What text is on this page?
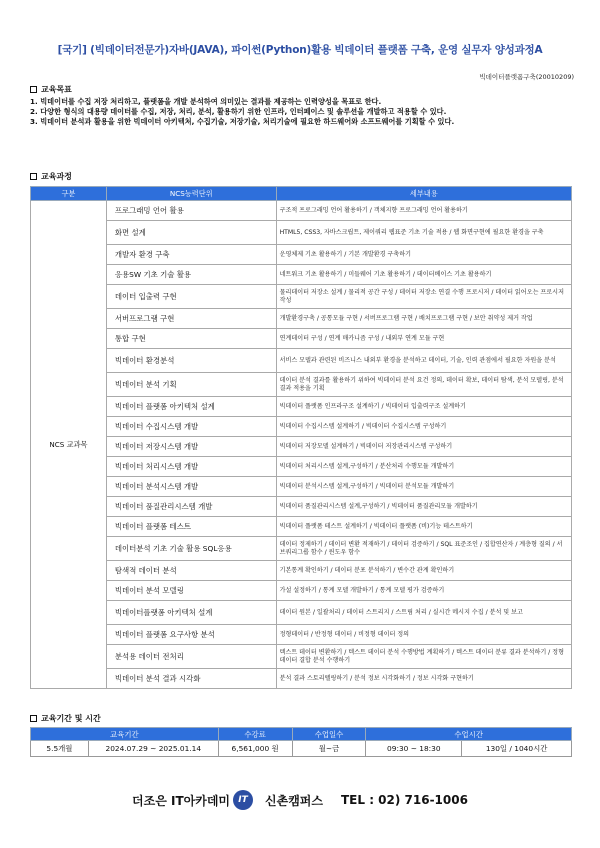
[국기] (빅데이터전문가)자바(JAVA), 파이썬(Python)활용 빅데이터 플랫폼 구축, 운영 실무자 양성과정A
빅데이터플랫폼구축(20010209)
교육목표

1. 빅데이터를 수집 저장 처리하고, 플랫폼을 개발 분석하여 의미있는 결과를 제공하는 인력양성을 목표로 한다.

2. 다양한 형식의 대용량 데이터를 수집, 저장, 처리, 분석, 활용하기 위한 인프라, 인터페이스 및 솔루션을 개발하고 적용할 수 있다.

3. 빅데이터 분석과 활용을 위한 빅데이터 아키텍처, 수집기술, 저장기술, 처리기술에 필요한 하드웨어와 소프트웨어를 기획할 수 있다.

교육과정
구분	NCS능력단위	세부내용
NCS 교과목	프로그래밍 언어 활용	구조적 프로그래밍 언어 활용하기 / 객체지향 프로그래밍 언어 활용하기
	화면 설계	HTML5, CSS3, 자바스크립트, 제이쿼리 웹표준 기초 기술 적용 / 웹 화면구현에 필요한 환경을 구축
	개발자 환경 구축	운영체제 기초 활용하기 / 기본 개발환경 구축하기
	응용SW 기초 기술 활용	네트워크 기초 활용하기 / 미들웨어 기초 활용하기 / 데이터베이스 기초 활용하기
	데이터 입출력 구현	물리데이터 저장소 설계 / 물리적 공간 구성 / 데이터 저장소 연결 수행 프로시저 / 데이터 읽어오는 프로시저 작성
	서버프로그램 구현	개발환경구축 / 공통모듈 구현 / 서버프로그램 구현 / 배치프로그램 구현 / 보안 취약성 제거 작업
	통합 구현	연계데이터 구성 / 연계 매카니즘 구성 / 내외부 연계 모듈 구현
	빅데이터 환경분석	서비스 모델과 관련된 비즈니스 내외부 환경을 분석하고 데이터, 기술, 인력 관점에서 필요한 자원을 분석
	빅데이터 분석 기획	데이터 분석 결과를 활용하기 위하여 빅데이터 분석 요건 정의, 데이터 확보, 데이터 탐색, 분석 모델링, 분석 결과 적용을 기획
	빅데이터 플랫폼 아키텍처 설계	빅데이터 플랫폼 인프라구조 설계하기 / 빅데이터 입출력구조 설계하기
	빅데이터 수집시스템 개발	빅데이터 수집시스템 설계하기 / 빅데이터 수집시스템 구성하기
	빅데이터 저장시스템 개발	빅데이터 저장모델 설계하기 / 빅데이터 저장관리시스템 구성하기
	빅데이터 처리시스템 개발	빅데이터 처리시스템 설계,구성하기 / 분산처리 수행모듈 개발하기
	빅데이터 분석시스템 개발	빅데이터 분석시스템 설계,구성하기 / 빅데이터 분석모듈 개발하기
	빅데이터 품질관리시스템 개발	빅데이터 품질관리시스템 설계,구성하기 / 빅데이터 품질관리모듈 개발하기
	빅데이터 플랫폼 테스트	빅데이터 플랫폼 테스트 설계하기 / 빅데이터 플랫폼 (비)기능 테스트하기
	데이터분석 기초 기술 활용 SQL응용	데이터 정제하기 / 데이터 변환 적재하기 / 데이터 검증하기 / SQL 표준조인 / 집합연산자 / 계층형 질의 / 서브쿼리그룹 함수 / 윈도우 함수
	탐색적 데이터 분석	기본통계 확인하기 / 데이터 분포 분석하기 / 변수간 관계 확인하기
	빅데이터 분석 모델링	가설 설정하기 / 통계 모델 개발하기 / 통계 모델 평가 검증하기
	빅데이터플랫폼 아키텍처 설계	데이터 원본 / 일괄처리 / 데이터 스트리지 / 스트림 처리 / 실시간 메시지 수집 / 분석 및 보고
	빅데이터 플랫폼 요구사항 분석	정형데이터 / 반정형 데이터 / 비정형 데이터 정의
	분석용 데이터 전처리	텍스트 데이터 변환하기 / 텍스트 데이터 분석 수행방법 계획하기 / 텍스트 데이터 분류 결과 분석하기 / 정형 데이터 결합 분석 수행하기
	빅데이터 분석 결과 시각화	분석 결과 스토리텔링하기 / 분석 정보 시각화하기 / 정보 시각화 구현하기
교육기간 및 시간
교육기간		수강료	수업일수	수업시간	
5.5개월	2024.07.29 ~ 2025.01.14	6,561,000 원	월~금	09:30 ~ 18:30	130일 / 1040시간
더조은 IT아카데미 IT	신촌캠퍼스 TEL : 02) 716-1006
